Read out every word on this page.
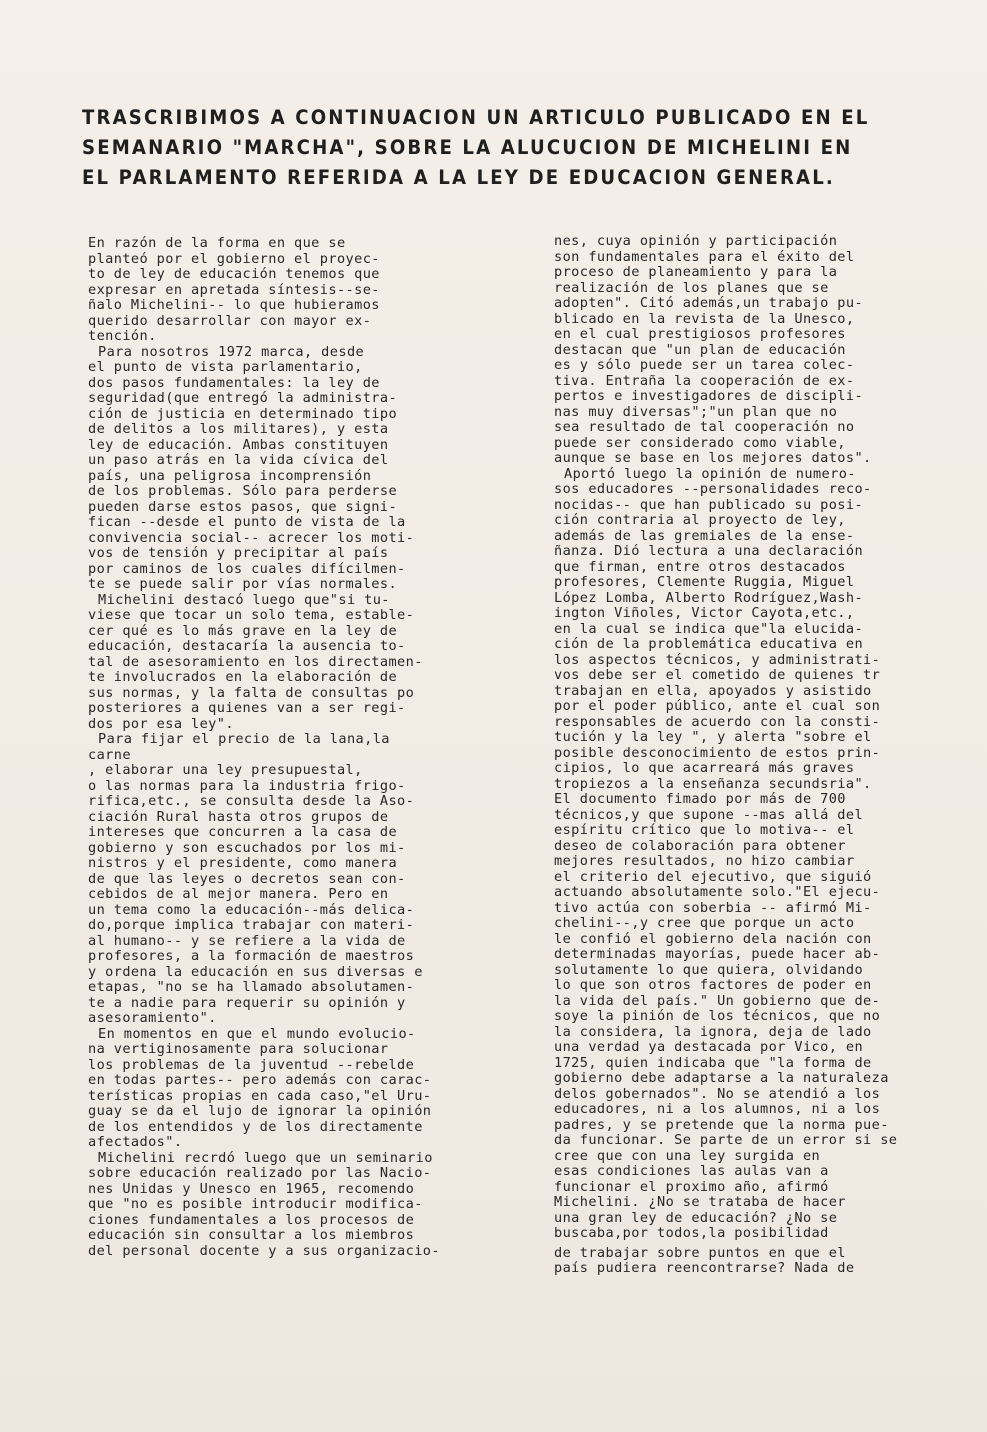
TRASCRIBIMOS A CONTINUACION UN ARTICULO PUBLICADO EN EL
SEMANARIO "MARCHA", SOBRE LA ALUCUCION DE MICHELINI EN
EL PARLAMENTO REFERIDA A LA LEY DE EDUCACION GENERAL.
En razón de la forma en que se
planteó por el gobierno el proyec-
to de ley de educación tenemos que
expresar en apretada síntesis--se-
ñalo Michelini-- lo que hubieramos
querido desarrollar con mayor ex-
tención.
Para nosotros 1972 marca, desde
el punto de vista parlamentario,
dos pasos fundamentales: la ley de
seguridad(que entregó la administra-
ción de justicia en determinado tipo
de delitos a los militares), y esta
ley de educación. Ambas constituyen
un paso atrás en la vida cívica del
país, una peligrosa incomprensión
de los problemas. Sólo para perderse
pueden darse estos pasos, que signi-
fican --desde el punto de vista de la
convivencia social-- acrecer los moti-
vos de tensión y precipitar al país
por caminos de los cuales difícilmen-
te se puede salir por vías normales.
Michelini destacó luego que"si tu-
viese que tocar un solo tema, estable-
cer qué es lo más grave en la ley de
educación, destacaría la ausencia to-
tal de asesoramiento en los directamen-
te involucrados en la elaboración de
sus normas, y la falta de consultas po
posteriores a quienes van a ser regi-
dos por esa ley".
Para fijar el precio de la lana,la
carne
, elaborar una ley presupuestal,
o las normas para la industria frigo-
rifica,etc., se consulta desde la Aso-
ciación Rural hasta otros grupos de
intereses que concurren a la casa de
gobierno y son escuchados por los mi-
nistros y el presidente, como manera
de que las leyes o decretos sean con-
cebidos de al mejor manera. Pero en
un tema como la educación--más delica-
do,porque implica trabajar con materi-
al humano-- y se refiere a la vida de
profesores, a la formación de maestros
y ordena la educación en sus diversas e
etapas, "no se ha llamado absolutamen-
te a nadie para requerir su opinión y
asesoramiento".
En momentos en que el mundo evolucio-
na vertiginosamente para solucionar
los problemas de la juventud --rebelde
en todas partes-- pero además con carac-
terísticas propias en cada caso,"el Uru-
guay se da el lujo de ignorar la opinión
de los entendidos y de los directamente
afectados".
Michelini recrdó luego que un seminario
sobre educación realizado por las Nacio-
nes Unidas y Unesco en 1965, recomendo
que "no es posible introducir modifica-
ciones fundamentales a los procesos de
educación sin consultar a los miembros
del personal docente y a sus organizacio-
nes, cuya opinión y participación
son fundamentales para el éxito del
proceso de planeamiento y para la
realización de los planes que se
adopten". Citó además,un trabajo pu-
blicado en la revista de la Unesco,
en el cual prestigiosos profesores
destacan que "un plan de educación
es y sólo puede ser un tarea colec-
tiva. Entraña la cooperación de ex-
pertos e investigadores de discipli-
nas muy diversas";"un plan que no
sea resultado de tal cooperación no
puede ser considerado como viable,
aunque se base en los mejores datos".
Aportó luego la opinión de numero-
sos educadores --personalidades reco-
nocidas-- que han publicado su posi-
ción contraria al proyecto de ley,
además de las gremiales de la ense-
ñanza. Dió lectura a una declaración
que firman, entre otros destacados
profesores, Clemente Ruggia, Miguel
López Lomba, Alberto Rodríguez,Wash-
ington Viñoles, Victor Cayota,etc.,
en la cual se indica que"la elucida-
ción de la problemática educativa en
los aspectos técnicos, y administrati-
vos debe ser el cometido de quienes tr
trabajan en ella, apoyados y asistido
por el poder público, ante el cual son
responsables de acuerdo con la consti-
tución y la ley ", y alerta "sobre el
posible desconocimiento de estos prin-
cipios, lo que acarreará más graves
tropiezos a la enseñanza secundsria".
El documento fimado por más de 700
técnicos,y que supone --mas allá del
espíritu crítico que lo motiva-- el
deseo de colaboración para obtener
mejores resultados, no hizo cambiar
el criterio del ejecutivo, que siguió
actuando absolutamente solo."El ejecu-
tivo actúa con soberbia -- afirmó Mi-
chelini--,y cree que porque un acto
le confió el gobierno dela nación con
determinadas mayorías, puede hacer ab-
solutamente lo que quiera, olvidando
lo que son otros factores de poder en
la vida del país." Un gobierno que de-
soye la pinión de los técnicos, que no
la considera, la ignora, deja de lado
una verdad ya destacada por Vico, en
1725, quien indicaba que "la forma de
gobierno debe adaptarse a la naturaleza
delos gobernados". No se atendió a los
educadores, ni a los alumnos, ni a los
padres, y se pretende que la norma pue-
da funcionar. Se parte de un error si se
cree que con una ley surgida en
esas condiciones las aulas van a
funcionar el proximo año, afirmó
Michelini. ¿No se trataba de hacer
una gran ley de educación? ¿No se
buscaba,por todos,la posibilidad
de trabajar sobre puntos en que el
país pudiera reencontrarse? Nada de
